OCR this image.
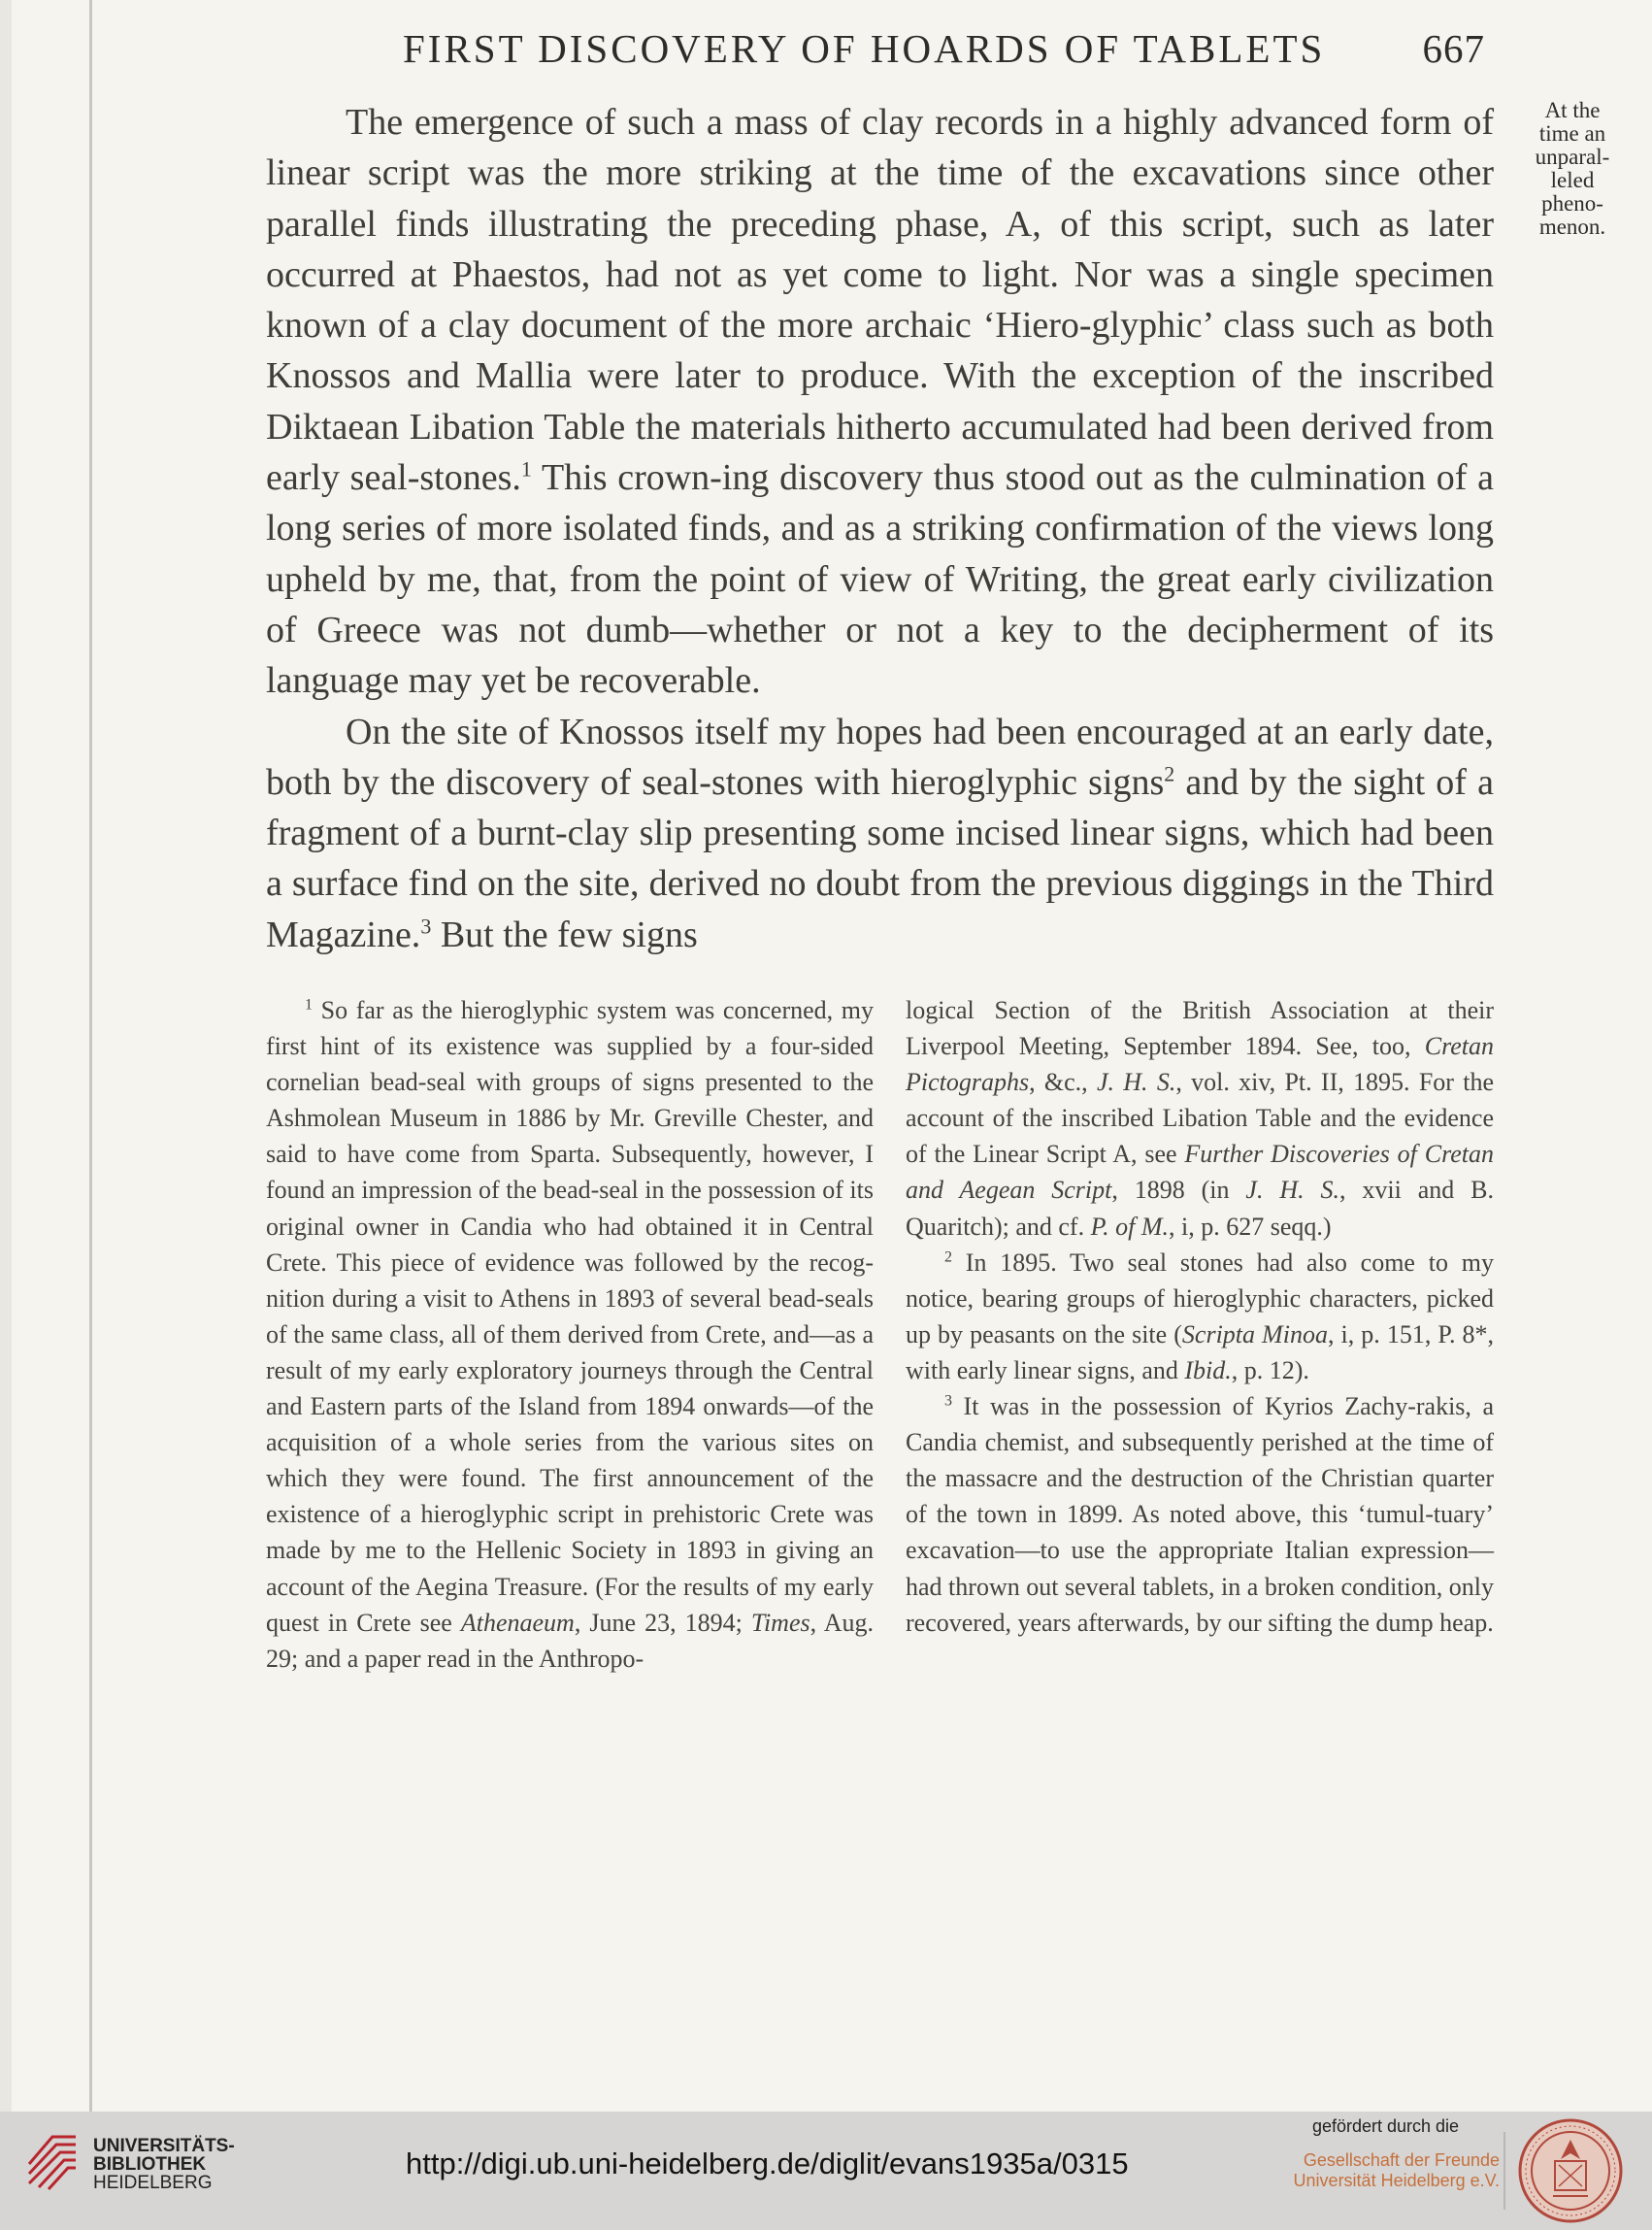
FIRST DISCOVERY OF HOARDS OF TABLETS 667

The emergence of such a mass of clay records in a highly advanced form of linear script was the more striking at the time of the excavations since other parallel finds illustrating the preceding phase, A, of this script, such as later occurred at Phaestos, had not as yet come to light. Nor was a single specimen known of a clay document of the more archaic ‘Hiero-glyphic’ class such as both Knossos and Mallia were later to produce. With the exception of the inscribed Diktaean Libation Table the materials hitherto accumulated had been derived from early seal-stones.$^1$ This crown-ing discovery thus stood out as the culmination of a long series of more isolated finds, and as a striking confirmation of the views long upheld by me, that, from the point of view of Writing, the great early civilization of Greece was not dumb—whether or not a key to the decipherment of its language may yet be recoverable.

On the site of Knossos itself my hopes had been encouraged at an early date, both by the discovery of seal-stones with hieroglyphic signs$^2$ and by the sight of a fragment of a burnt-clay slip presenting some incised linear signs, which had been a surface find on the site, derived no doubt from the previous diggings in the Third Magazine.$^3$ But the few signs

At the
time an
unparal-
leled
pheno-
menon.

$^1$ So far as the hieroglyphic system was concerned, my first hint of its existence was supplied by a four-sided cornelian bead-seal with groups of signs presented to the Ashmolean Museum in 1886 by Mr. Greville Chester, and said to have come from Sparta. Subsequently, however, I found an impression of the bead-seal in the possession of its original owner in Candia who had obtained it in Central Crete. This piece of evidence was followed by the recog-nition during a visit to Athens in 1893 of several bead-seals of the same class, all of them derived from Crete, and—as a result of my early exploratory journeys through the Central and Eastern parts of the Island from 1894 onwards—of the acquisition of a whole series from the various sites on which they were found. The first announcement of the existence of a hieroglyphic script in prehistoric Crete was made by me to the Hellenic Society in 1893 in giving an account of the Aegina Treasure. (For the results of my early quest in Crete see Athenaeum, June 23, 1894; Times, Aug. 29; and a paper read in the Anthropo-

logical Section of the British Association at their Liverpool Meeting, September 1894. See, too, Cretan Pictographs, &c., J. H. S., vol. xiv, Pt. II, 1895. For the account of the inscribed Libation Table and the evidence of the Linear Script A, see Further Discoveries of Cretan and Aegean Script, 1898 (in J. H. S., xvii and B. Quaritch); and cf. P. of M., i, p. 627 seqq.)

$^2$ In 1895. Two seal stones had also come to my notice, bearing groups of hieroglyphic characters, picked up by peasants on the site (Scripta Minoa, i, p. 151, P. 8*, with early linear signs, and Ibid., p. 12).

$^3$ It was in the possession of Kyrios Zachy-rakis, a Candia chemist, and subsequently perished at the time of the massacre and the destruction of the Christian quarter of the town in 1899. As noted above, this ‘tumul-tuary’ excavation—to use the appropriate Italian expression—had thrown out several tablets, in a broken condition, only recovered, years afterwards, by our sifting the dump heap.

UNIVERSITÄTS-
BIBLIOTHEK
HEIDELBERG
http://digi.ub.uni-heidelberg.de/diglit/evans1935a/0315
gefördert durch die
Gesellschaft der Freunde
Universität Heidelberg e.V.
